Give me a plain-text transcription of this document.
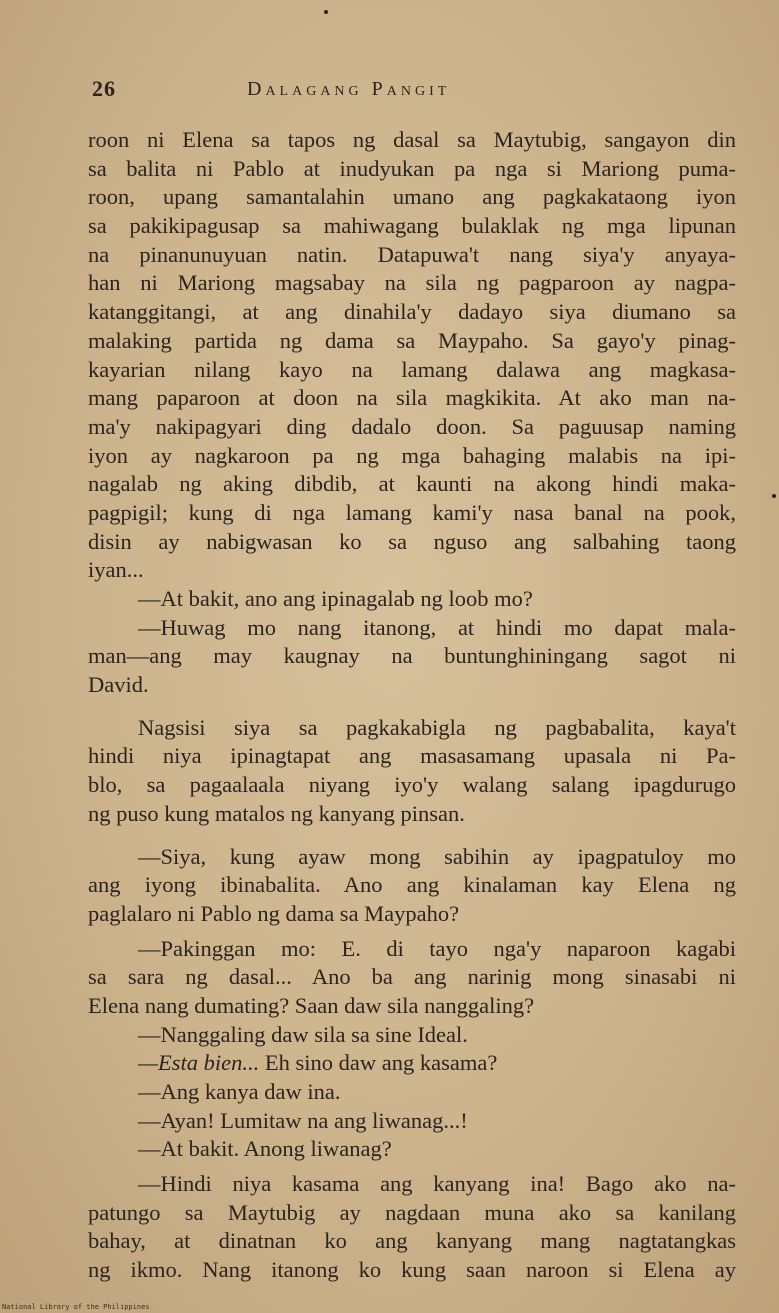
26	Dalagang Pangit
roon ni Elena sa tapos ng dasal sa Maytubig, sangayon din
sa balita ni Pablo at inudyukan pa nga si Mariong puma-
roon, upang samantalahin umano ang pagkakataong iyon
sa pakikipagusap sa mahiwagang bulaklak ng mga lipunan
na pinanunuyuan natin. Datapuwa't nang siya'y anyaya-
han ni Mariong magsabay na sila ng pagparoon ay nagpa-
katanggitangi, at ang dinahila'y dadayo siya diumano sa
malaking partida ng dama sa Maypaho. Sa gayo'y pinag-
kayarian nilang kayo na lamang dalawa ang magkasa-
mang paparoon at doon na sila magkikita. At ako man na-
ma'y nakipagyari ding dadalo doon. Sa paguusap naming
iyon ay nagkaroon pa ng mga bahaging malabis na ipi-
nagalab ng aking dibdib, at kaunti na akong hindi maka-
pagpigil; kung di nga lamang kami'y nasa banal na pook,
disin ay nabigwasan ko sa nguso ang salbahing taong
iyan...
—At bakit, ano ang ipinagalab ng loob mo?
—Huwag mo nang itanong, at hindi mo dapat mala-
man—ang may kaugnay na buntunghiningang sagot ni
David.
Nagsisi siya sa pagkakabigla ng pagbabalita, kaya't
hindi niya ipinagtapat ang masasamang upasala ni Pa-
blo, sa pagaalaala niyang iyo'y walang salang ipagdurugo
ng puso kung matalos ng kanyang pinsan.
—Siya, kung ayaw mong sabihin ay ipagpatuloy mo
ang iyong ibinabalita. Ano ang kinalaman kay Elena ng
paglalaro ni Pablo ng dama sa Maypaho?
—Pakinggan mo: E. di tayo nga'y naparoon kagabi
sa sara ng dasal... Ano ba ang narinig mong sinasabi ni
Elena nang dumating? Saan daw sila nanggaling?
—Nanggaling daw sila sa sine Ideal.
—Esta bien... Eh sino daw ang kasama?
—Ang kanya daw ina.
—Ayan! Lumitaw na ang liwanag...!
—At bakit. Anong liwanag?
—Hindi niya kasama ang kanyang ina! Bago ako na-
patungo sa Maytubig ay nagdaan muna ako sa kanilang
bahay, at dinatnan ko ang kanyang mang nagtatangkas
ng ikmo. Nang itanong ko kung saan naroon si Elena ay
National Library of the Philippines
